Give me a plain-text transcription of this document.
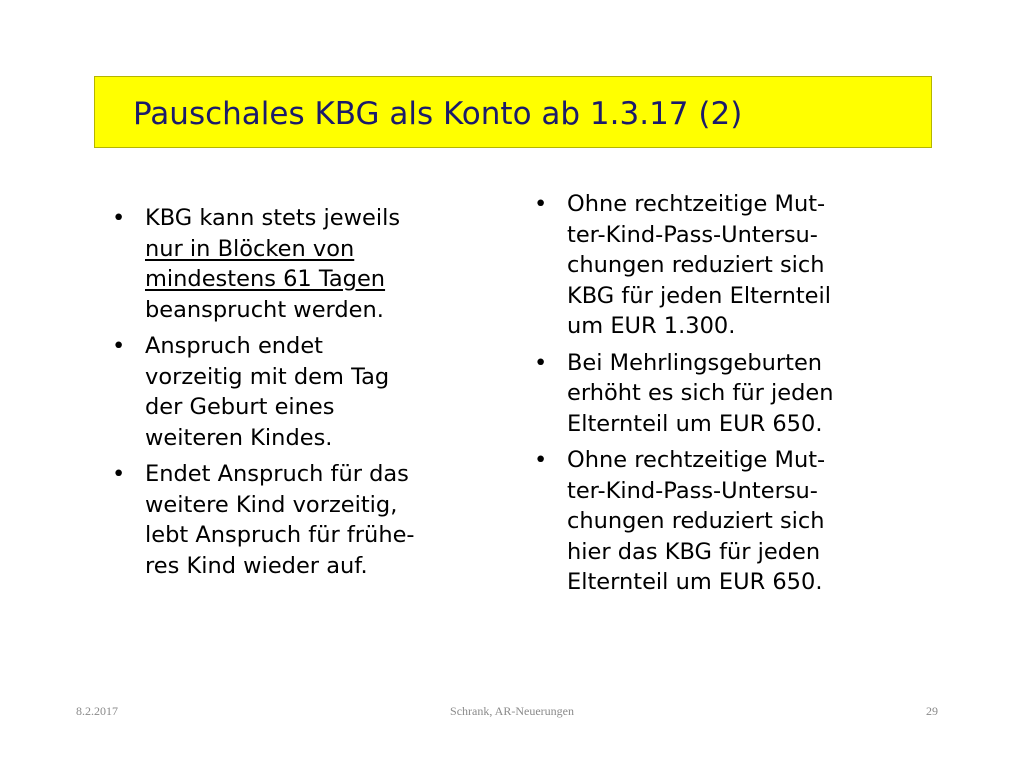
Pauschales KBG als Konto ab 1.3.17 (2)
• KBG kann stets jeweils
nur in Blöcken von
mindestens 61 Tagen
beansprucht werden.
• Anspruch endet
vorzeitig mit dem Tag
der Geburt eines
weiteren Kindes.
• Endet Anspruch für das
weitere Kind vorzeitig,
lebt Anspruch für frühe-
res Kind wieder auf.
• Ohne rechtzeitige Mut-
ter-Kind-Pass-Untersu-
chungen reduziert sich
KBG für jeden Elternteil
um EUR 1.300.
• Bei Mehrlingsgeburten
erhöht es sich für jeden
Elternteil um EUR 650.
• Ohne rechtzeitige Mut-
ter-Kind-Pass-Untersu-
chungen reduziert sich
hier das KBG für jeden
Elternteil um EUR 650.
8.2.2017	Schrank, AR-Neuerungen	29
